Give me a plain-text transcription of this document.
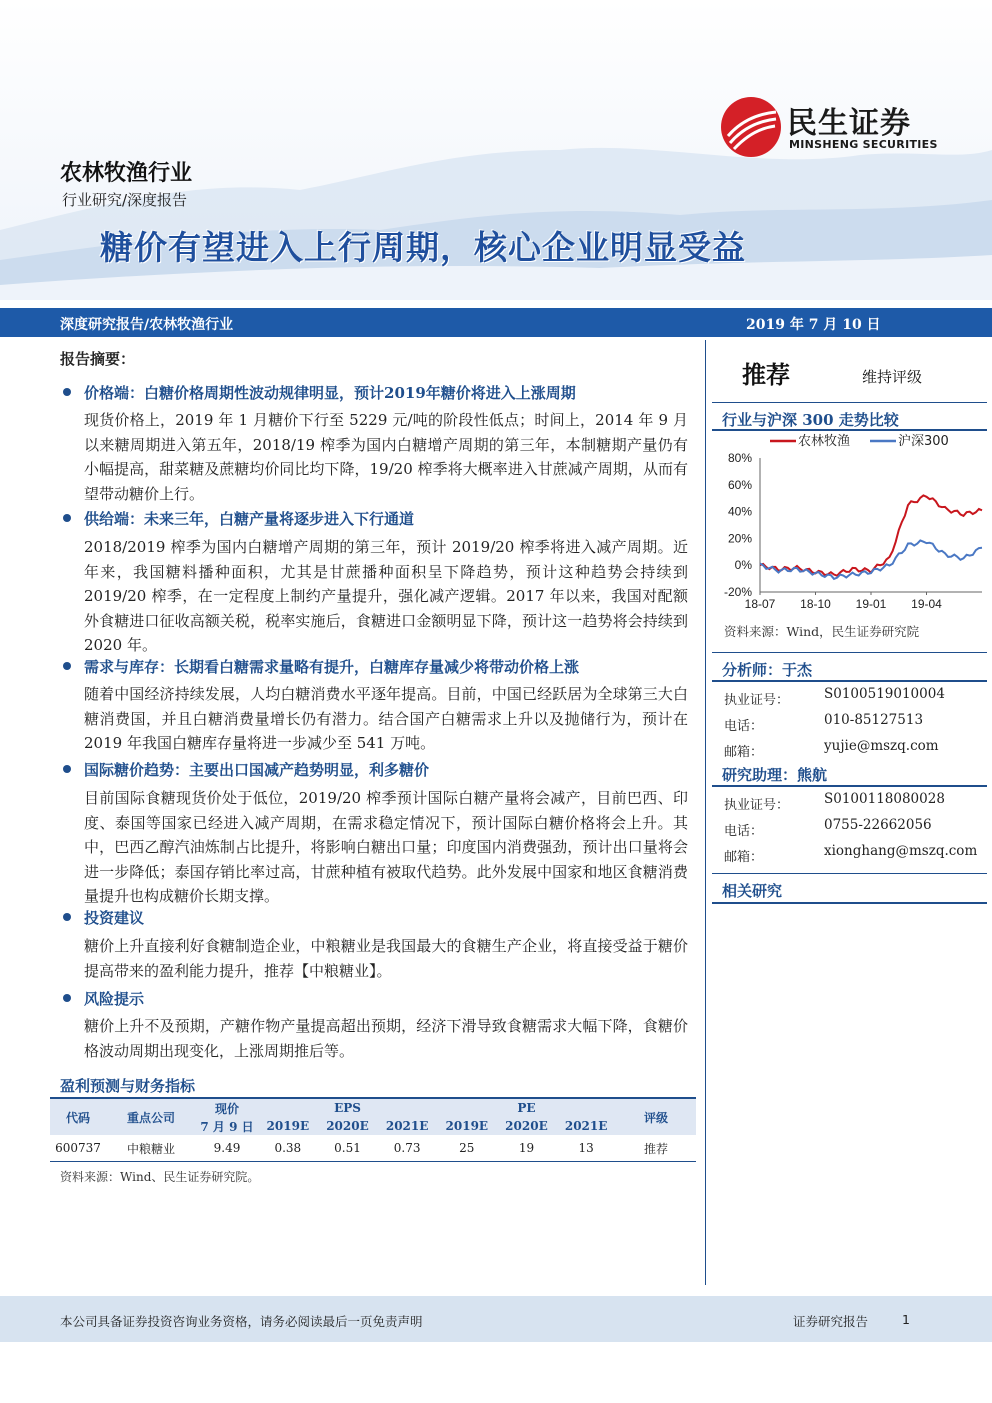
民生证券
MINSHENG SECURITIES
农林牧渔行业
行业研究/深度报告
糖价有望进入上行周期，核心企业明显受益
深度研究报告/农林牧渔行业	2019 年 7 月 10 日
报告摘要：
价格端：白糖价格周期性波动规律明显，预计2019年糖价将进入上涨周期
现货价格上，2019 年 1 月糖价下行至 5229 元/吨的阶段性低点；时间上，2014 年 9 月以来糖周期进入第五年，2018/19 榨季为国内白糖增产周期的第三年，本制糖期产量仍有小幅提高，甜菜糖及蔗糖均价同比均下降，19/20 榨季将大概率进入甘蔗减产周期，从而有望带动糖价上行。
供给端：未来三年，白糖产量将逐步进入下行通道
2018/2019 榨季为国内白糖增产周期的第三年，预计 2019/20 榨季将进入减产周期。近年来，我国糖料播种面积，尤其是甘蔗播种面积呈下降趋势，预计这种趋势会持续到 2019/20 榨季，在一定程度上制约产量提升，强化减产逻辑。2017 年以来，我国对配额外食糖进口征收高额关税，税率实施后，食糖进口金额明显下降，预计这一趋势将会持续到 2020 年。
需求与库存：长期看白糖需求量略有提升，白糖库存量减少将带动价格上涨
随着中国经济持续发展，人均白糖消费水平逐年提高。目前，中国已经跃居为全球第三大白糖消费国，并且白糖消费量增长仍有潜力。结合国产白糖需求上升以及抛储行为，预计在 2019 年我国白糖库存量将进一步减少至 541 万吨。
国际糖价趋势：主要出口国减产趋势明显，利多糖价
目前国际食糖现货价处于低位，2019/20 榨季预计国际白糖产量将会减产，目前巴西、印度、泰国等国家已经进入减产周期，在需求稳定情况下，预计国际白糖价格将会上升。其中，巴西乙醇汽油炼制占比提升，将影响白糖出口量；印度国内消费强劲，预计出口量将会进一步降低；泰国存销比率过高，甘蔗种植有被取代趋势。此外发展中国家和地区食糖消费量提升也构成糖价长期支撑。
投资建议
糖价上升直接利好食糖制造企业，中粮糖业是我国最大的食糖生产企业，将直接受益于糖价提高带来的盈利能力提升，推荐【中粮糖业】。
风险提示
糖价上升不及预期，产糖作物产量提高超出预期，经济下滑导致食糖需求大幅下降，食糖价格波动周期出现变化，上涨周期推后等。
推荐	维持评级
行业与沪深 300 走势比较
80%
60%
40%
20%
0%
-20%
18-07 18-10 19-01 19-04
农林牧渔	沪深300
资料来源：Wind，民生证券研究院
分析师：于杰
执业证号：	S0100519010004
电话：	010-85127513
邮箱：	yujie@mszq.com
研究助理：熊航
执业证号：	S0100118080028
电话：	0755-22662056
邮箱：	xionghang@mszq.com
相关研究
盈利预测与财务指标
代码	重点公司	现价	EPS			PE			评级
		7 月 9 日	2019E	2020E	2021E	2019E	2020E	2021E	
600737	中粮糖业	9.49	0.38	0.51	0.73	25	19	13	推荐
资料来源：Wind、民生证券研究院。
本公司具备证券投资咨询业务资格，请务必阅读最后一页免责声明	证券研究报告	1
